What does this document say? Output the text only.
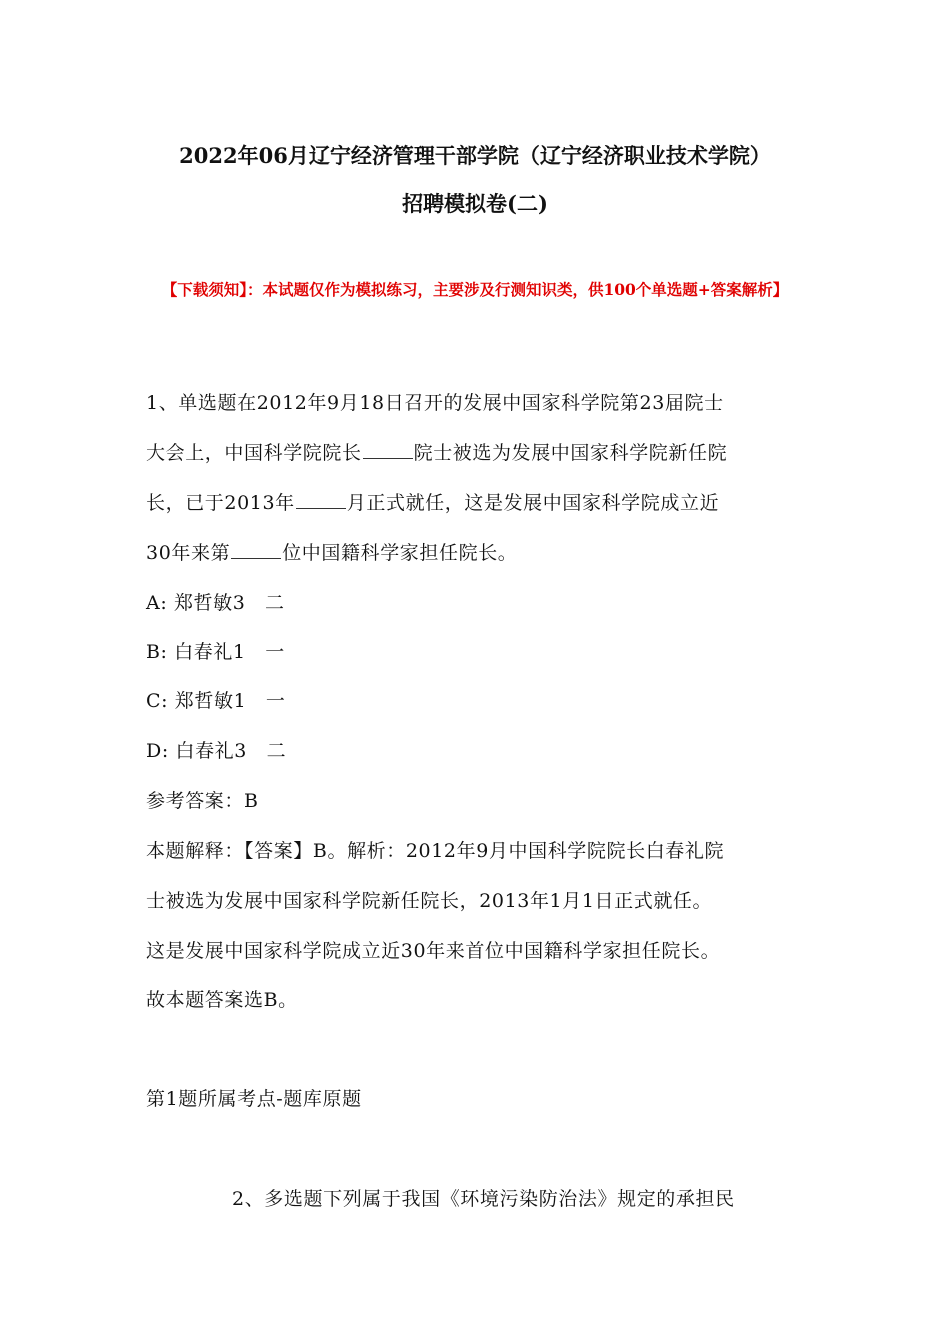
2022年06月辽宁经济管理干部学院（辽宁经济职业技术学院）
招聘模拟卷(二)
【下载须知】：本试题仅作为模拟练习，主要涉及行测知识类，供100个单选题+答案解析】
1、单选题在2012年9月18日召开的发展中国家科学院第23届院士
大会上，中国科学院院长	院士被选为发展中国家科学院新任院
长，已于2013年	月正式就任，这是发展中国家科学院成立近
30年来第	位中国籍科学家担任院长。
A: 郑哲敏3　二
B: 白春礼1　一
C: 郑哲敏1　一
D: 白春礼3　二
参考答案：B
本题解释：【答案】B。解析：2012年9月中国科学院院长白春礼院
士被选为发展中国家科学院新任院长，2013年1月1日正式就任。
这是发展中国家科学院成立近30年来首位中国籍科学家担任院长。
故本题答案选B。
第1题所属考点-题库原题
2、多选题下列属于我国《环境污染防治法》规定的承担民
